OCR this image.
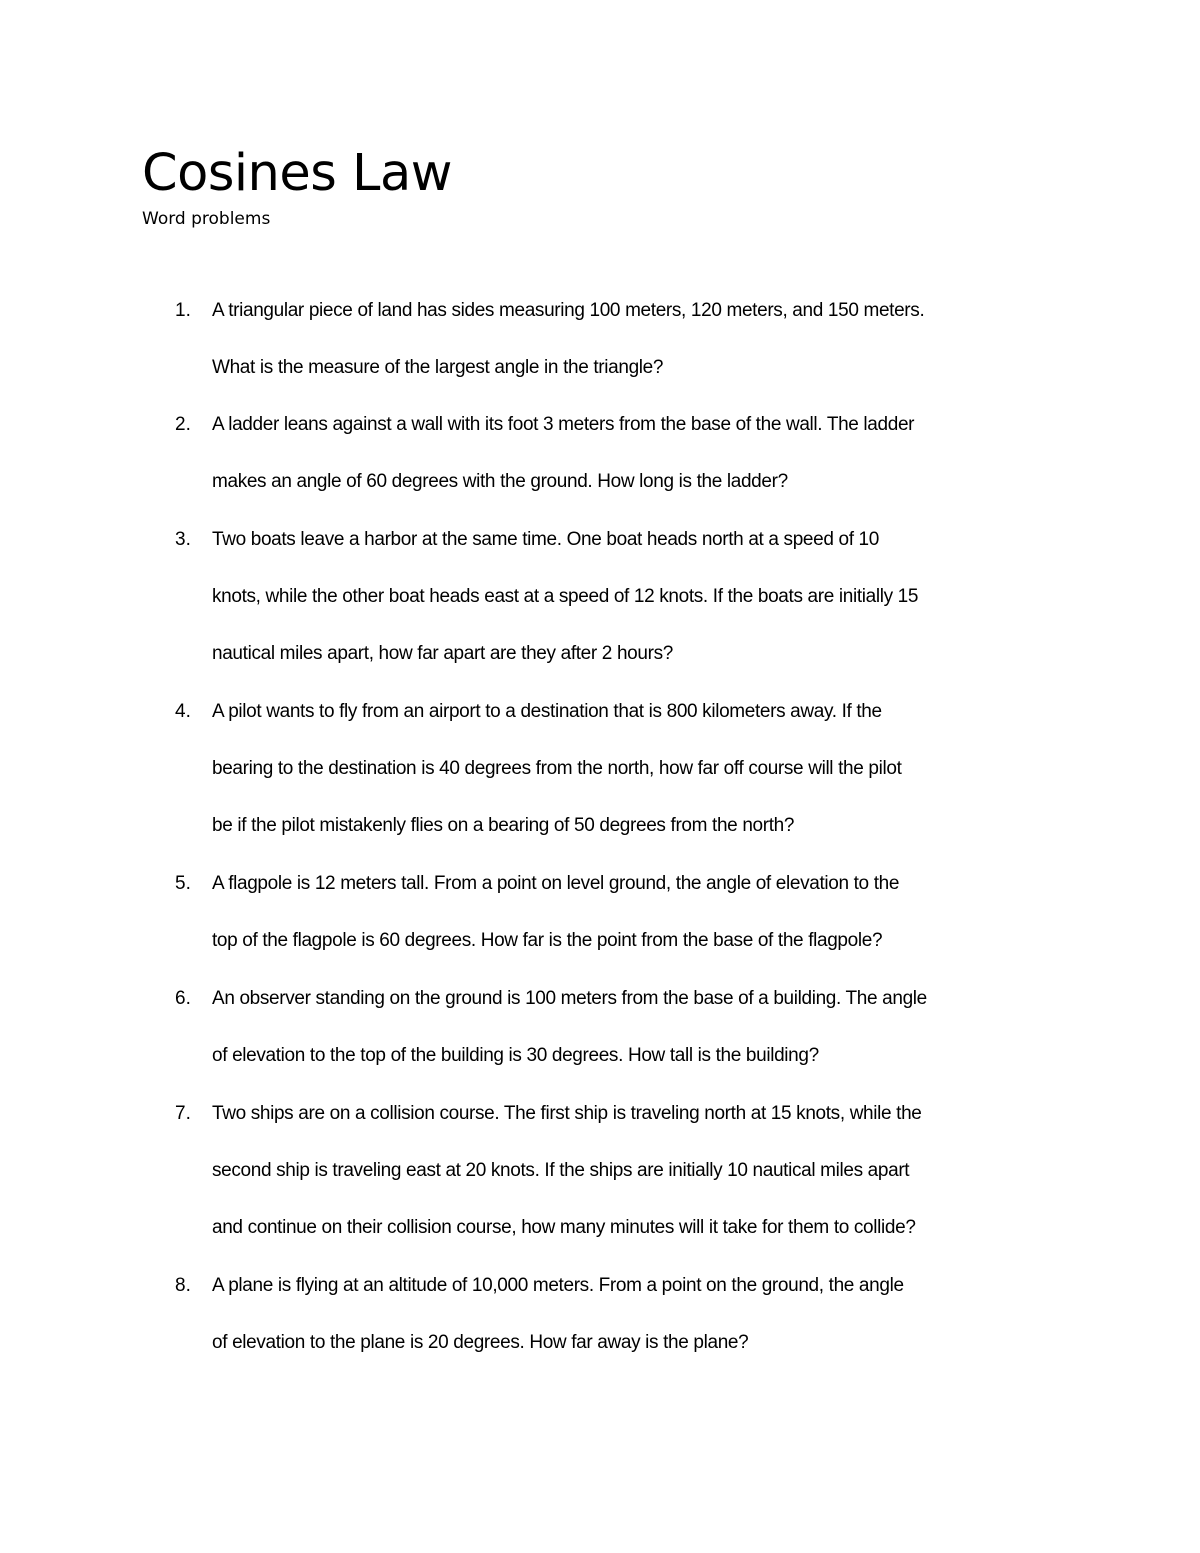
Cosines Law
Word problems
1. A triangular piece of land has sides measuring 100 meters, 120 meters, and 150 meters.
What is the measure of the largest angle in the triangle?
2. A ladder leans against a wall with its foot 3 meters from the base of the wall. The ladder
makes an angle of 60 degrees with the ground. How long is the ladder?
3. Two boats leave a harbor at the same time. One boat heads north at a speed of 10
knots, while the other boat heads east at a speed of 12 knots. If the boats are initially 15
nautical miles apart, how far apart are they after 2 hours?
4. A pilot wants to fly from an airport to a destination that is 800 kilometers away. If the
bearing to the destination is 40 degrees from the north, how far off course will the pilot
be if the pilot mistakenly flies on a bearing of 50 degrees from the north?
5. A flagpole is 12 meters tall. From a point on level ground, the angle of elevation to the
top of the flagpole is 60 degrees. How far is the point from the base of the flagpole?
6. An observer standing on the ground is 100 meters from the base of a building. The angle
of elevation to the top of the building is 30 degrees. How tall is the building?
7. Two ships are on a collision course. The first ship is traveling north at 15 knots, while the
second ship is traveling east at 20 knots. If the ships are initially 10 nautical miles apart
and continue on their collision course, how many minutes will it take for them to collide?
8. A plane is flying at an altitude of 10,000 meters. From a point on the ground, the angle
of elevation to the plane is 20 degrees. How far away is the plane?
